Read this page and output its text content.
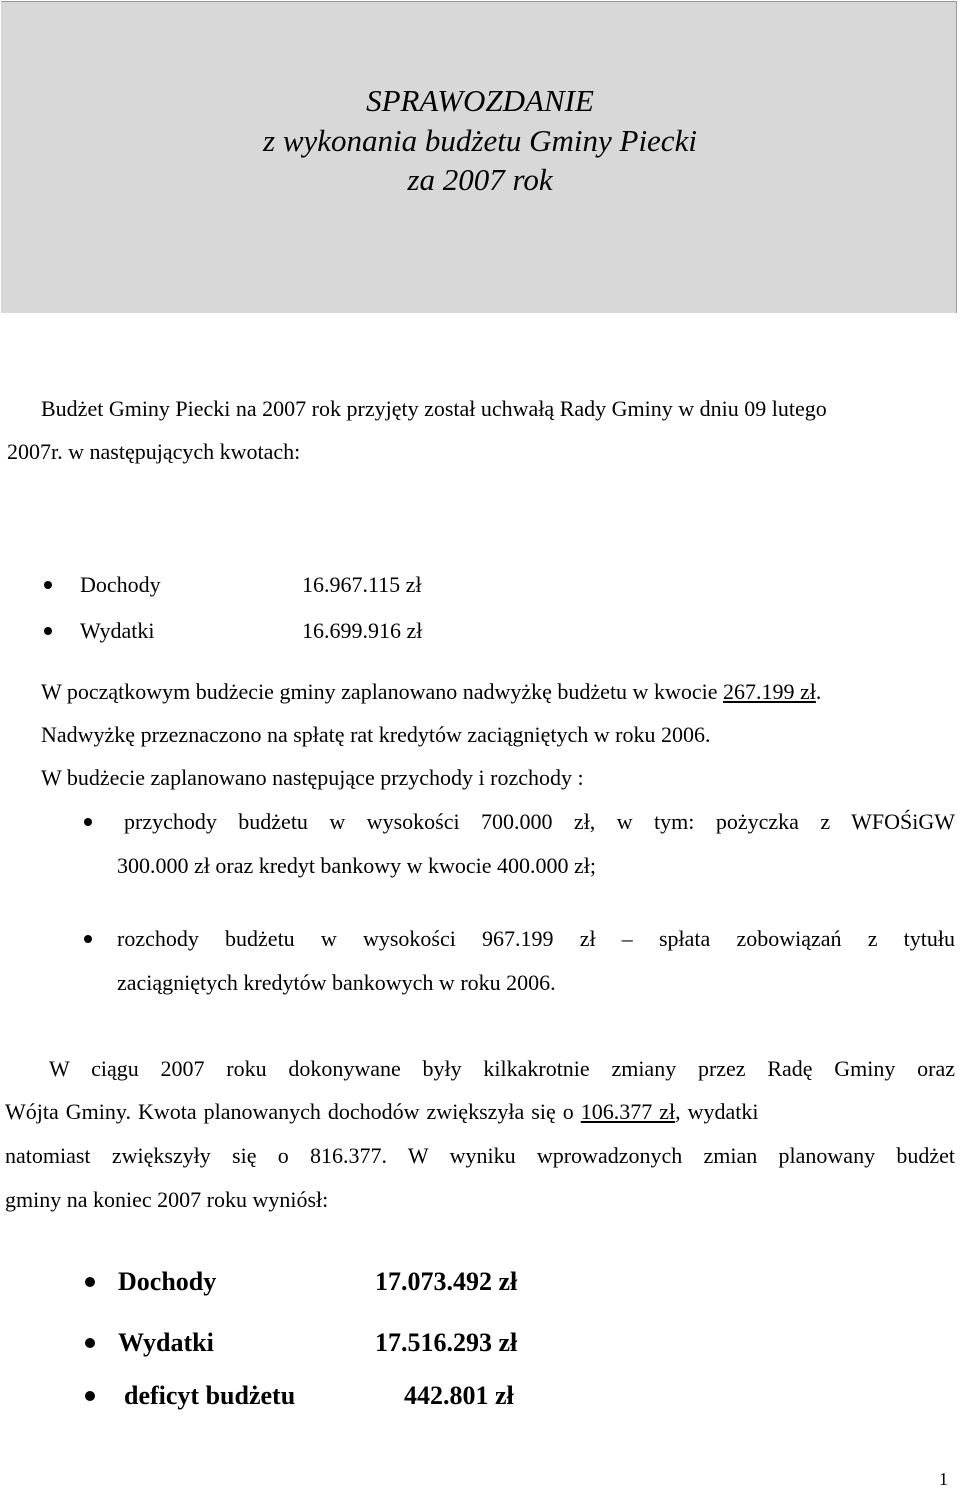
SPRAWOZDANIE
z wykonania budżetu Gminy Piecki
za 2007 rok
Budżet Gminy Piecki na 2007 rok przyjęty został uchwałą Rady Gminy w dniu 09 lutego
2007r. w następujących kwotach:
Dochody	16.967.115 zł
Wydatki	16.699.916 zł
W początkowym budżecie gminy zaplanowano nadwyżkę budżetu w kwocie 267.199 zł.
Nadwyżkę przeznaczono na spłatę rat kredytów zaciągniętych w roku 2006.
W budżecie zaplanowano następujące przychody i rozchody :
przychody budżetu w wysokości 700.000 zł, w tym: pożyczka z WFOŚiGW
300.000 zł oraz kredyt bankowy w kwocie 400.000 zł;
rozchody budżetu w wysokości 967.199 zł – spłata zobowiązań z tytułu
zaciągniętych kredytów bankowych w roku 2006.
W ciągu 2007 roku dokonywane były kilkakrotnie zmiany przez Radę Gminy oraz
Wójta Gminy. Kwota planowanych dochodów zwiększyła się o 106.377 zł, wydatki
natomiast zwiększyły się o 816.377. W wyniku wprowadzonych zmian planowany budżet
gminy na koniec 2007 roku wyniósł:
Dochody	17.073.492 zł
Wydatki	17.516.293 zł
deficyt budżetu	442.801 zł
1
